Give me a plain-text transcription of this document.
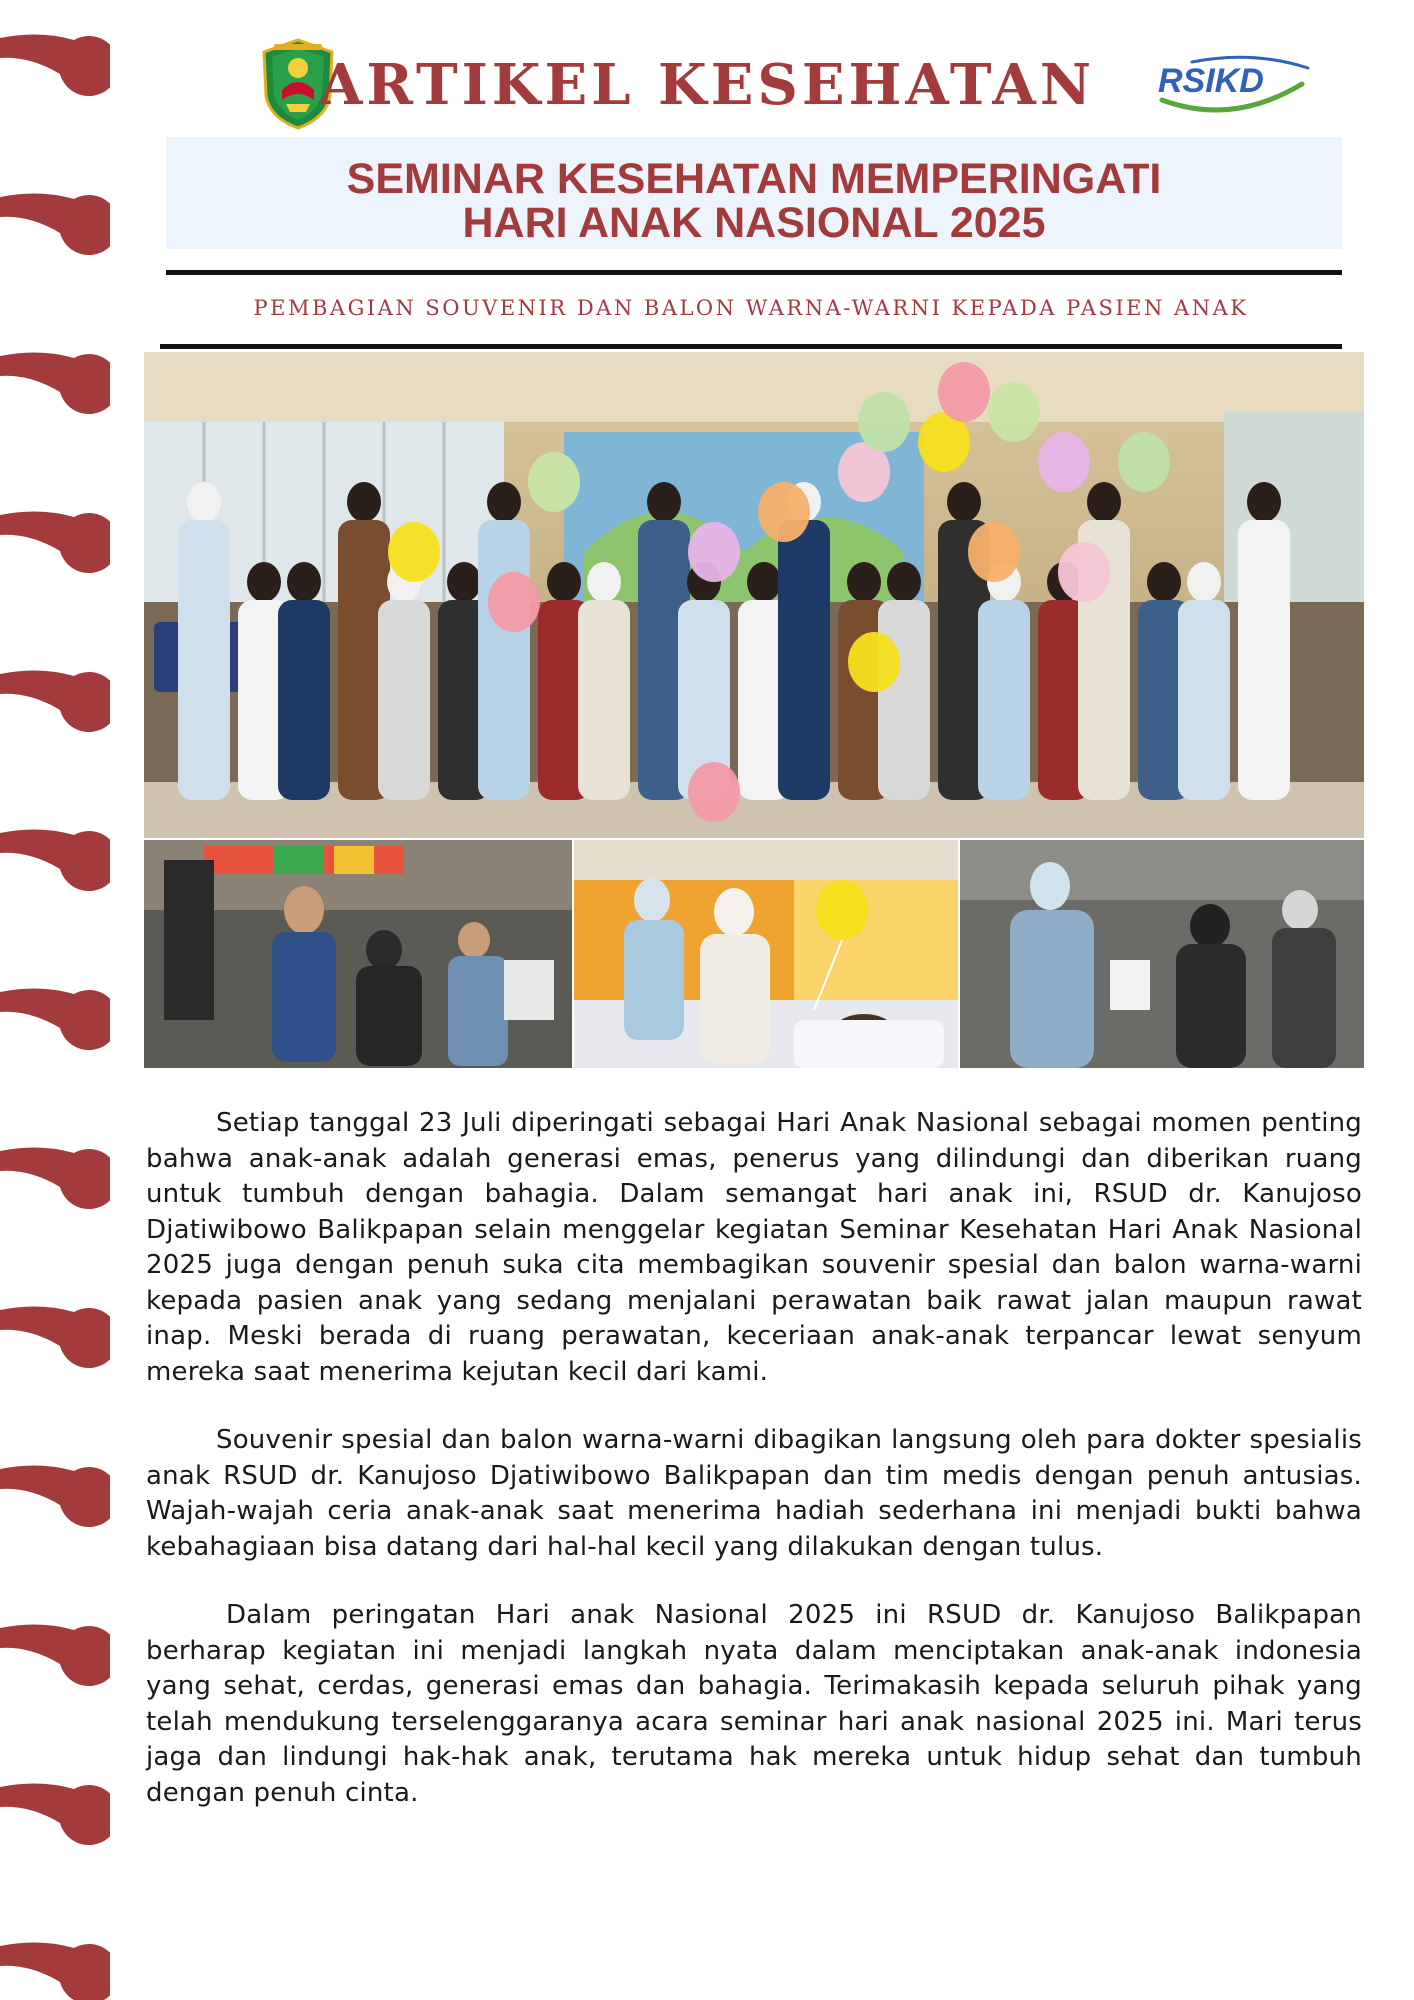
ARTIKEL KESEHATAN	RSIKD
SEMINAR KESEHATAN MEMPERINGATI
HARI ANAK NASIONAL 2025
PEMBAGIAN SOUVENIR DAN BALON WARNA-WARNI KEPADA PASIEN ANAK

Setiap tanggal 23 Juli diperingati sebagai Hari Anak Nasional sebagai momen penting bahwa anak-anak adalah generasi emas, penerus yang dilindungi dan diberikan ruang untuk tumbuh dengan bahagia. Dalam semangat hari anak ini, RSUD dr. Kanujoso Djatiwibowo Balikpapan selain menggelar kegiatan Seminar Kesehatan Hari Anak Nasional 2025 juga dengan penuh suka cita membagikan souvenir spesial dan balon warna-warni kepada pasien anak yang sedang menjalani perawatan baik rawat jalan maupun rawat inap. Meski berada di ruang perawatan, keceriaan anak-anak terpancar lewat senyum mereka saat menerima kejutan kecil dari kami.

Souvenir spesial dan balon warna-warni dibagikan langsung oleh para dokter spesialis anak RSUD dr. Kanujoso Djatiwibowo Balikpapan dan tim medis dengan penuh antusias. Wajah-wajah ceria anak-anak saat menerima hadiah sederhana ini menjadi bukti bahwa kebahagiaan bisa datang dari hal-hal kecil yang dilakukan dengan tulus.

Dalam peringatan Hari anak Nasional 2025 ini RSUD dr. Kanujoso Balikpapan berharap kegiatan ini menjadi langkah nyata dalam menciptakan anak-anak indonesia yang sehat, cerdas, generasi emas dan bahagia. Terimakasih kepada seluruh pihak yang telah mendukung terselenggaranya acara seminar hari anak nasional 2025 ini. Mari terus jaga dan lindungi hak-hak anak, terutama hak mereka untuk hidup sehat dan tumbuh dengan penuh cinta.
